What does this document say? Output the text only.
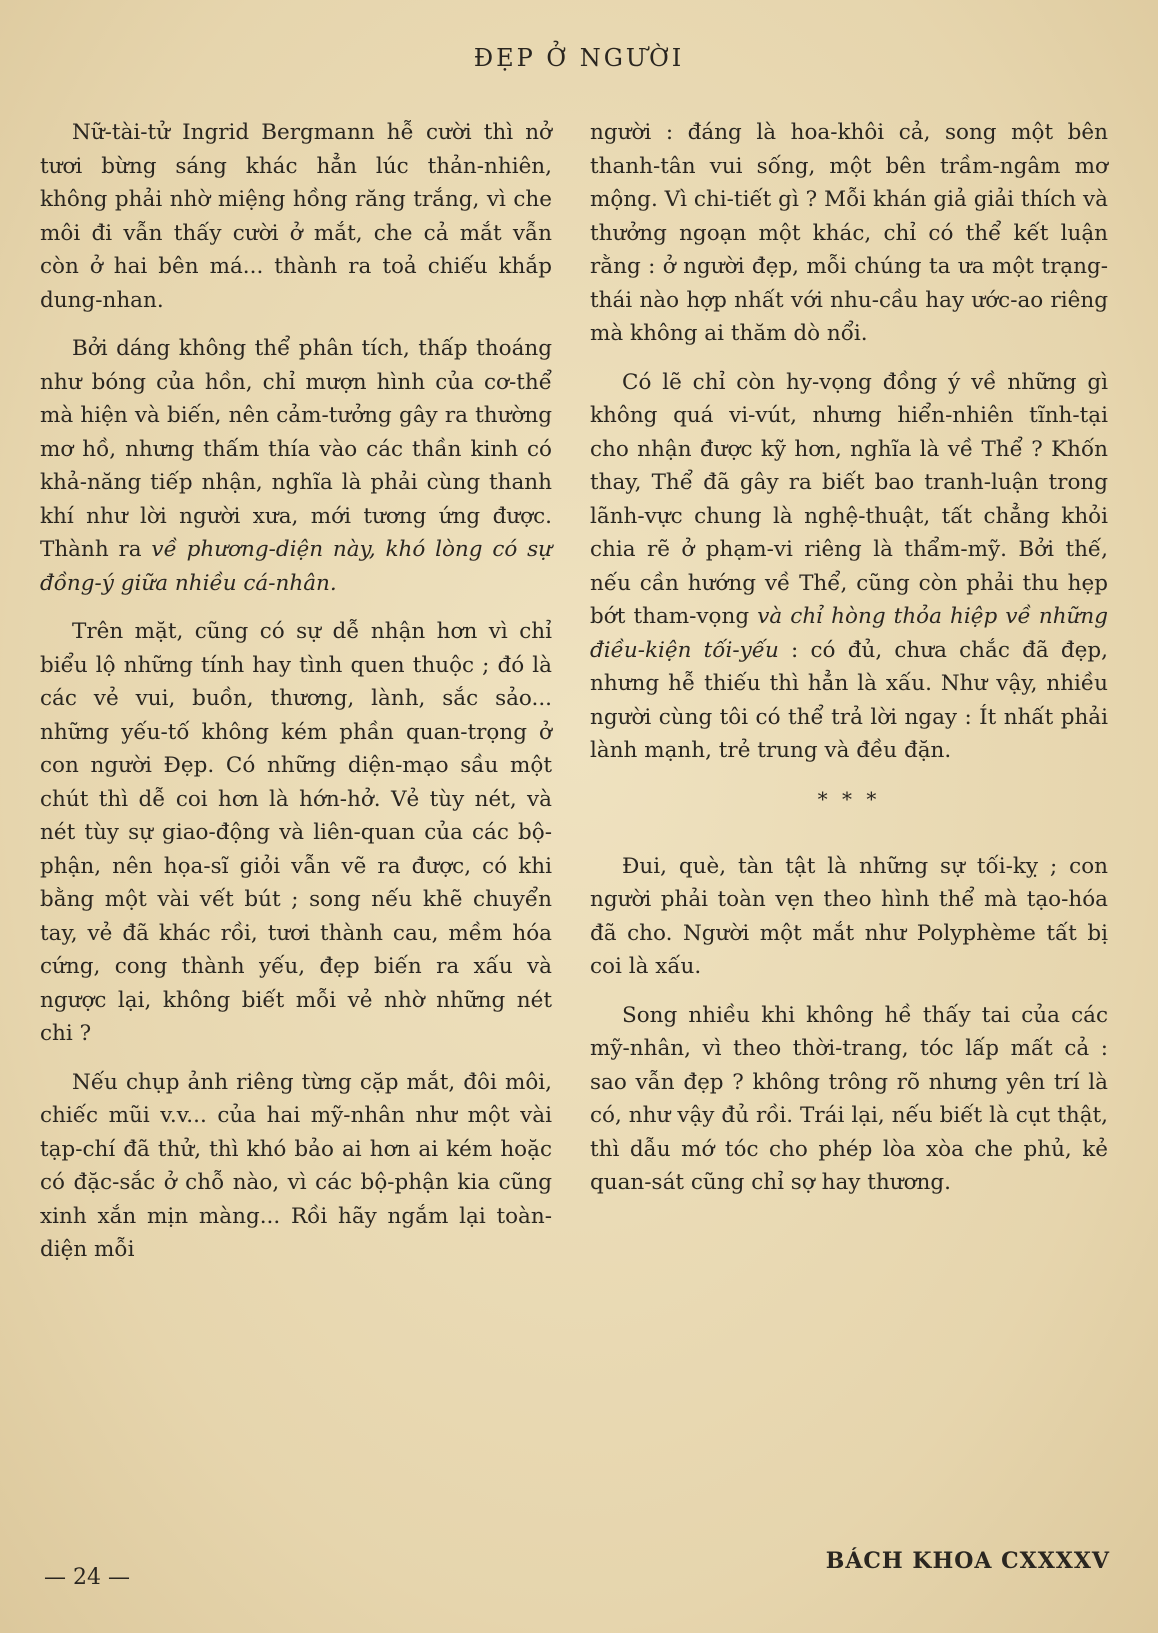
ĐẸP Ở NGƯỜI

Nữ-tài-tử Ingrid Bergmann hễ cười thì nở tươi bừng sáng khác hẳn lúc thản-nhiên, không phải nhờ miệng hồng răng trắng, vì che môi đi vẫn thấy cười ở mắt, che cả mắt vẫn còn ở hai bên má... thành ra toả chiếu khắp dung-nhan.

Bởi dáng không thể phân tích, thấp thoáng như bóng của hồn, chỉ mượn hình của cơ-thể mà hiện và biến, nên cảm-tưởng gây ra thường mơ hồ, nhưng thấm thía vào các thần kinh có khả-năng tiếp nhận, nghĩa là phải cùng thanh khí như lời người xưa, mới tương ứng được. Thành ra về phương-diện này, khó lòng có sự đồng-ý giữa nhiều cá-nhân.

Trên mặt, cũng có sự dễ nhận hơn vì chỉ biểu lộ những tính hay tình quen thuộc ; đó là các vẻ vui, buồn, thương, lành, sắc sảo... những yếu-tố không kém phần quan-trọng ở con người Đẹp. Có những diện-mạo sầu một chút thì dễ coi hơn là hớn-hở. Vẻ tùy nét, và nét tùy sự giao-động và liên-quan của các bộ-phận, nên họa-sĩ giỏi vẫn vẽ ra được, có khi bằng một vài vết bút ; song nếu khẽ chuyển tay, vẻ đã khác rồi, tươi thành cau, mềm hóa cứng, cong thành yếu, đẹp biến ra xấu và ngược lại, không biết mỗi vẻ nhờ những nét chi ?

Nếu chụp ảnh riêng từng cặp mắt, đôi môi, chiếc mũi v.v... của hai mỹ-nhân như một vài tạp-chí đã thử, thì khó bảo ai hơn ai kém hoặc có đặc-sắc ở chỗ nào, vì các bộ-phận kia cũng xinh xắn mịn màng... Rồi hãy ngắm lại toàn-diện mỗi

người : đáng là hoa-khôi cả, song một bên thanh-tân vui sống, một bên trầm-ngâm mơ mộng. Vì chi-tiết gì ? Mỗi khán giả giải thích và thưởng ngoạn một khác, chỉ có thể kết luận rằng : ở người đẹp, mỗi chúng ta ưa một trạng-thái nào hợp nhất với nhu-cầu hay ước-ao riêng mà không ai thăm dò nổi.

Có lẽ chỉ còn hy-vọng đồng ý về những gì không quá vi-vút, nhưng hiển-nhiên tĩnh-tại cho nhận được kỹ hơn, nghĩa là về Thể ? Khốn thay, Thể đã gây ra biết bao tranh-luận trong lãnh-vực chung là nghệ-thuật, tất chẳng khỏi chia rẽ ở phạm-vi riêng là thẩm-mỹ. Bởi thế, nếu cần hướng về Thể, cũng còn phải thu hẹp bớt tham-vọng và chỉ hòng thỏa hiệp về những điều-kiện tối-yếu : có đủ, chưa chắc đã đẹp, nhưng hễ thiếu thì hẳn là xấu. Như vậy, nhiều người cùng tôi có thể trả lời ngay : Ít nhất phải lành mạnh, trẻ trung và đều đặn.

* * *

Đui, què, tàn tật là những sự tối-kỵ ; con người phải toàn vẹn theo hình thể mà tạo-hóa đã cho. Người một mắt như Polyphème tất bị coi là xấu.

Song nhiều khi không hề thấy tai của các mỹ-nhân, vì theo thời-trang, tóc lấp mất cả : sao vẫn đẹp ? không trông rõ nhưng yên trí là có, như vậy đủ rồi. Trái lại, nếu biết là cụt thật, thì dẫu mớ tóc cho phép lòa xòa che phủ, kẻ quan-sát cũng chỉ sợ hay thương.

— 24 —
BÁCH KHOA CXXXXV
